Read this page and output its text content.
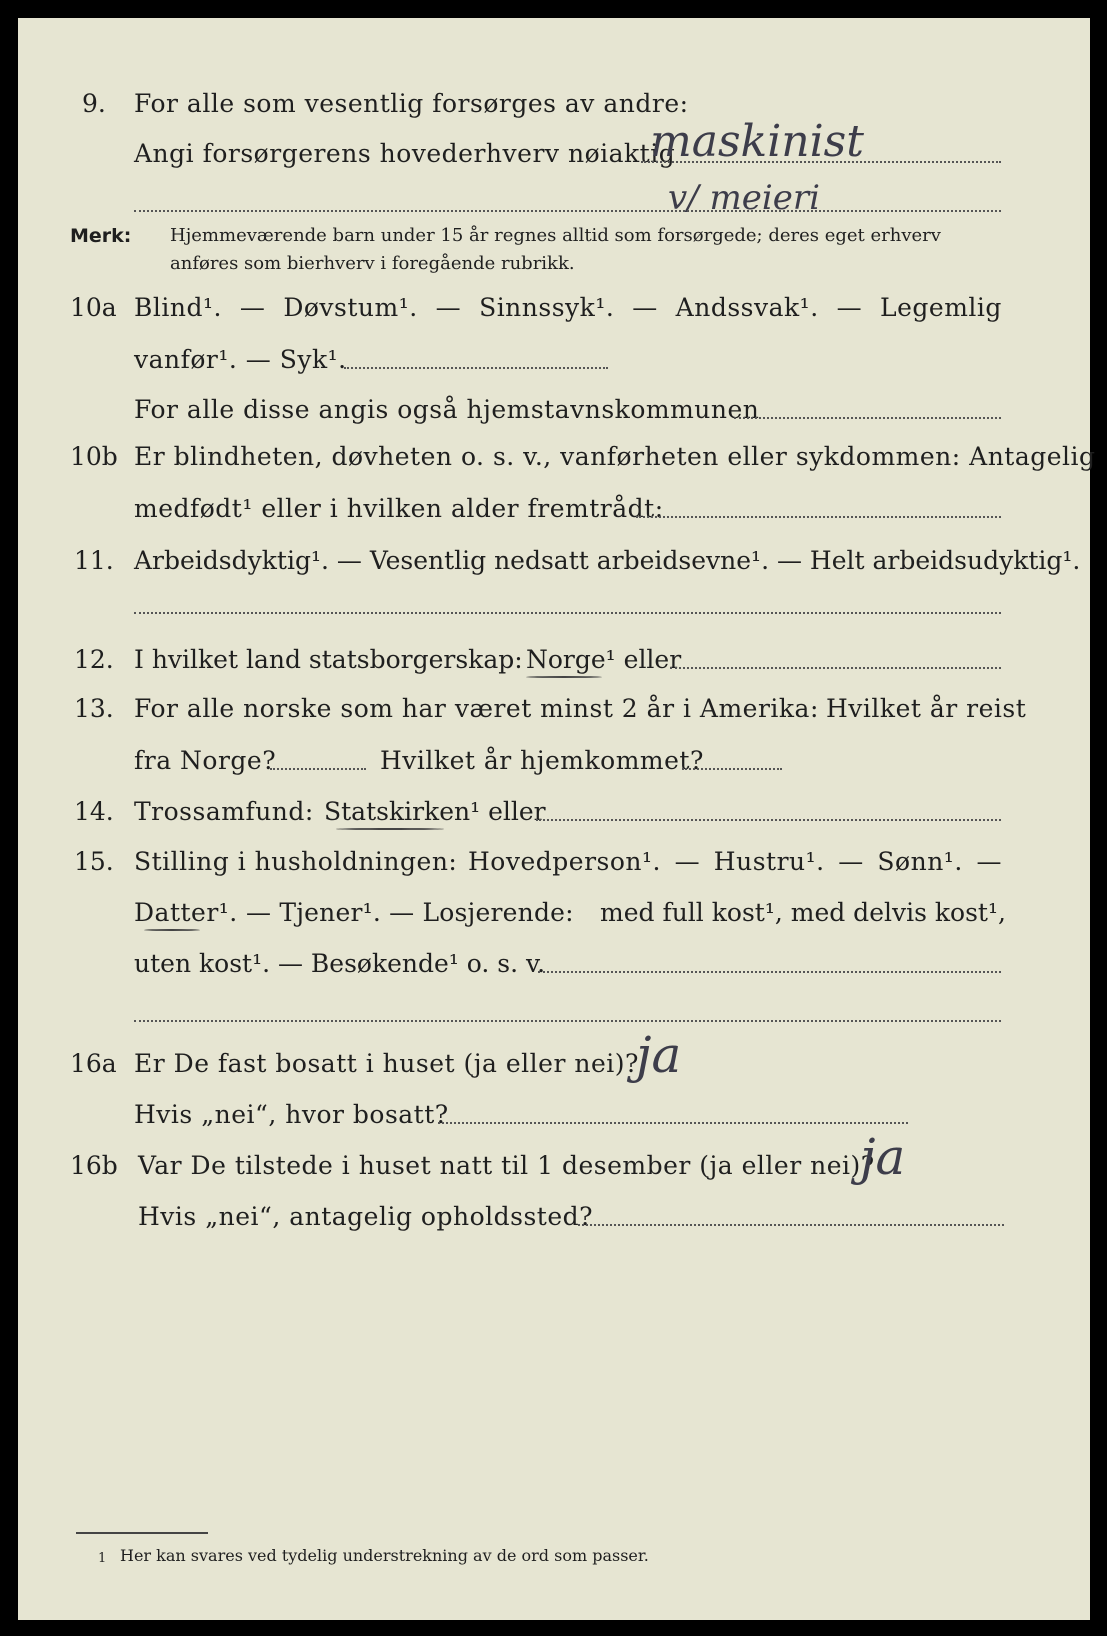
9. For alle som vesentlig forsørges av andre:
Angi forsørgerens hovederhverv nøiaktig
maskinist
v/ meieri
Merk: Hjemmeværende barn under 15 år regnes alltid som forsørgede; deres eget erhverv
anføres som bierhverv i foregående rubrikk.
10a Blind¹. — Døvstum¹. — Sinnssyk¹. — Andssvak¹. — Legemlig
vanfør¹. — Syk¹.
For alle disse angis også hjemstavnskommunen
10b Er blindheten, døvheten o. s. v., vanførheten eller sykdommen: Antagelig
medfødt¹ eller i hvilken alder fremtrådt:
11. Arbeidsdyktig¹. — Vesentlig nedsatt arbeidsevne¹. — Helt arbeidsudyktig¹.
12. I hvilket land statsborgerskap: Norge¹ eller
13. For alle norske som har været minst 2 år i Amerika: Hvilket år reist
fra Norge?	Hvilket år hjemkommet?
14. Trossamfund: Statskirken¹ eller
15. Stilling i husholdningen: Hovedperson¹. — Hustru¹. — Sønn¹. —
Datter¹. — Tjener¹. — Losjerende: med full kost¹, med delvis kost¹,
uten kost¹. — Besøkende¹ o. s. v.
16a Er De fast bosatt i huset (ja eller nei)?
ja
Hvis „nei“, hvor bosatt?
16b Var De tilstede i huset natt til 1 desember (ja eller nei)?
ja
Hvis „nei“, antagelig opholdssted?
1 Her kan svares ved tydelig understrekning av de ord som passer.
